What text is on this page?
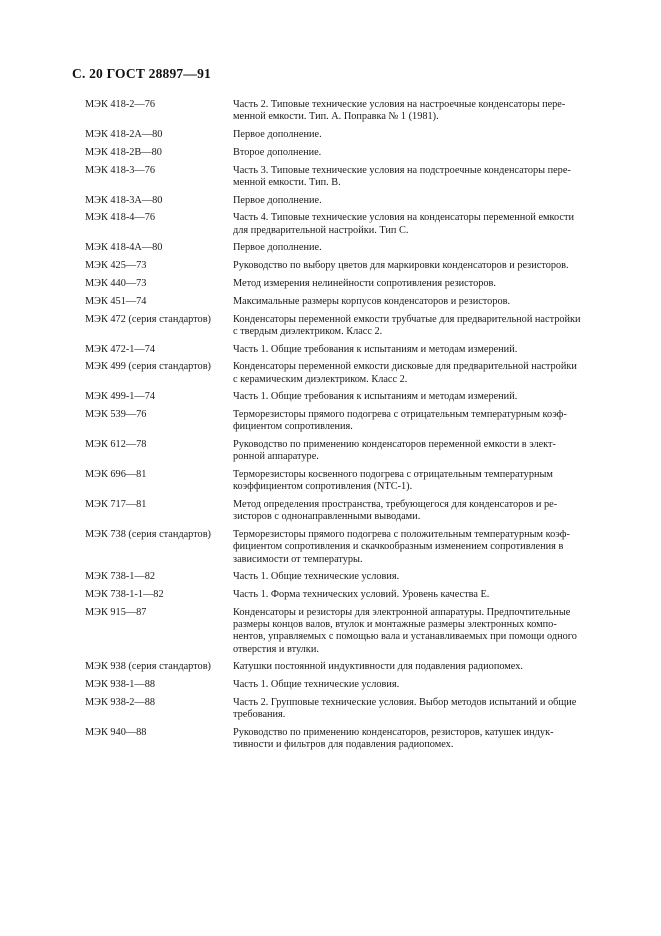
С. 20 ГОСТ 28897—91
МЭК 418-2—76	Часть 2. Типовые технические условия на настроечные конденсаторы пере-
менной емкости. Тип. А. Поправка № 1 (1981).
МЭК 418-2А—80	Первое дополнение.
МЭК 418-2В—80	Второе дополнение.
МЭК 418-3—76	Часть 3. Типовые технические условия на подстроечные конденсаторы пере-
менной емкости. Тип. В.
МЭК 418-3А—80	Первое дополнение.
МЭК 418-4—76	Часть 4. Типовые технические условия на конденсаторы переменной емкости
для предварительной настройки. Тип С.
МЭК 418-4А—80	Первое дополнение.
МЭК 425—73	Руководство по выбору цветов для маркировки конденсаторов и резисторов.
МЭК 440—73	Метод измерения нелинейности сопротивления резисторов.
МЭК 451—74	Максимальные размеры корпусов конденсаторов и резисторов.
МЭК 472 (серия стандартов)	Конденсаторы переменной емкости трубчатые для предварительной настройки
с твердым диэлектриком. Класс 2.
МЭК 472-1—74	Часть 1. Общие требования к испытаниям и методам измерений.
МЭК 499 (серия стандартов)	Конденсаторы переменной емкости дисковые для предварительной настройки
с керамическим диэлектриком. Класс 2.
МЭК 499-1—74	Часть 1. Общие требования к испытаниям и методам измерений.
МЭК 539—76	Терморезисторы прямого подогрева с отрицательным температурным коэф-
фициентом сопротивления.
МЭК 612—78	Руководство по применению конденсаторов переменной емкости в элект-
ронной аппаратуре.
МЭК 696—81	Терморезисторы косвенного подогрева с отрицательным температурным
коэффициентом сопротивления (NTC-1).
МЭК 717—81	Метод определения пространства, требующегося для конденсаторов и ре-
зисторов с однонаправленными выводами.
МЭК 738 (серия стандартов)	Терморезисторы прямого подогрева с положительным температурным коэф-
фициентом сопротивления и скачкообразным изменением сопротивления в
зависимости от температуры.
МЭК 738-1—82	Часть 1. Общие технические условия.
МЭК 738-1-1—82	Часть 1. Форма технических условий. Уровень качества Е.
МЭК 915—87	Конденсаторы и резисторы для электронной аппаратуры. Предпочтительные
размеры концов валов, втулок и монтажные размеры электронных компо-
нентов, управляемых с помощью вала и устанавливаемых при помощи одного
отверстия и втулки.
МЭК 938 (серия стандартов)	Катушки постоянной индуктивности для подавления радиопомех.
МЭК 938-1—88	Часть 1. Общие технические условия.
МЭК 938-2—88	Часть 2. Групповые технические условия. Выбор методов испытаний и общие
требования.
МЭК 940—88	Руководство по применению конденсаторов, резисторов, катушек индук-
тивности и фильтров для подавления радиопомех.
